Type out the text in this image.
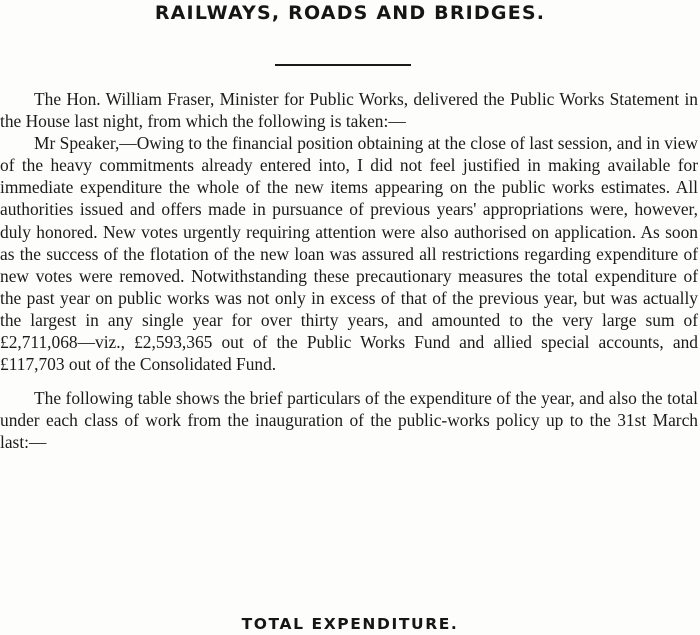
RAILWAYS, ROADS AND BRIDGES.

The Hon. William Fraser, Minister for Public Works, delivered the Public Works Statement in the House last night, from which the following is taken:—

Mr Speaker,—Owing to the financial position obtaining at the close of last session, and in view of the heavy commitments already entered into, I did not feel justified in making available for immediate expenditure the whole of the new items appearing on the public works estimates. All authorities issued and offers made in pursuance of previous years' appropriations were, however, duly honored. New votes urgently requiring attention were also authorised on application. As soon as the success of the flotation of the new loan was assured all restrictions regarding expenditure of new votes were removed. Notwithstanding these precautionary measures the total expenditure of the past year on public works was not only in excess of that of the previous year, but was actually the largest in any single year for over thirty years, and amounted to the very large sum of £2,711,068—viz., £2,593,365 out of the Public Works Fund and allied special accounts, and £117,703 out of the Consolidated Fund.

The following table shows the brief particulars of the expenditure of the year, and also the total under each class of work from the inauguration of the public-works policy up to the 31st March last:—

TOTAL EXPENDITURE.
